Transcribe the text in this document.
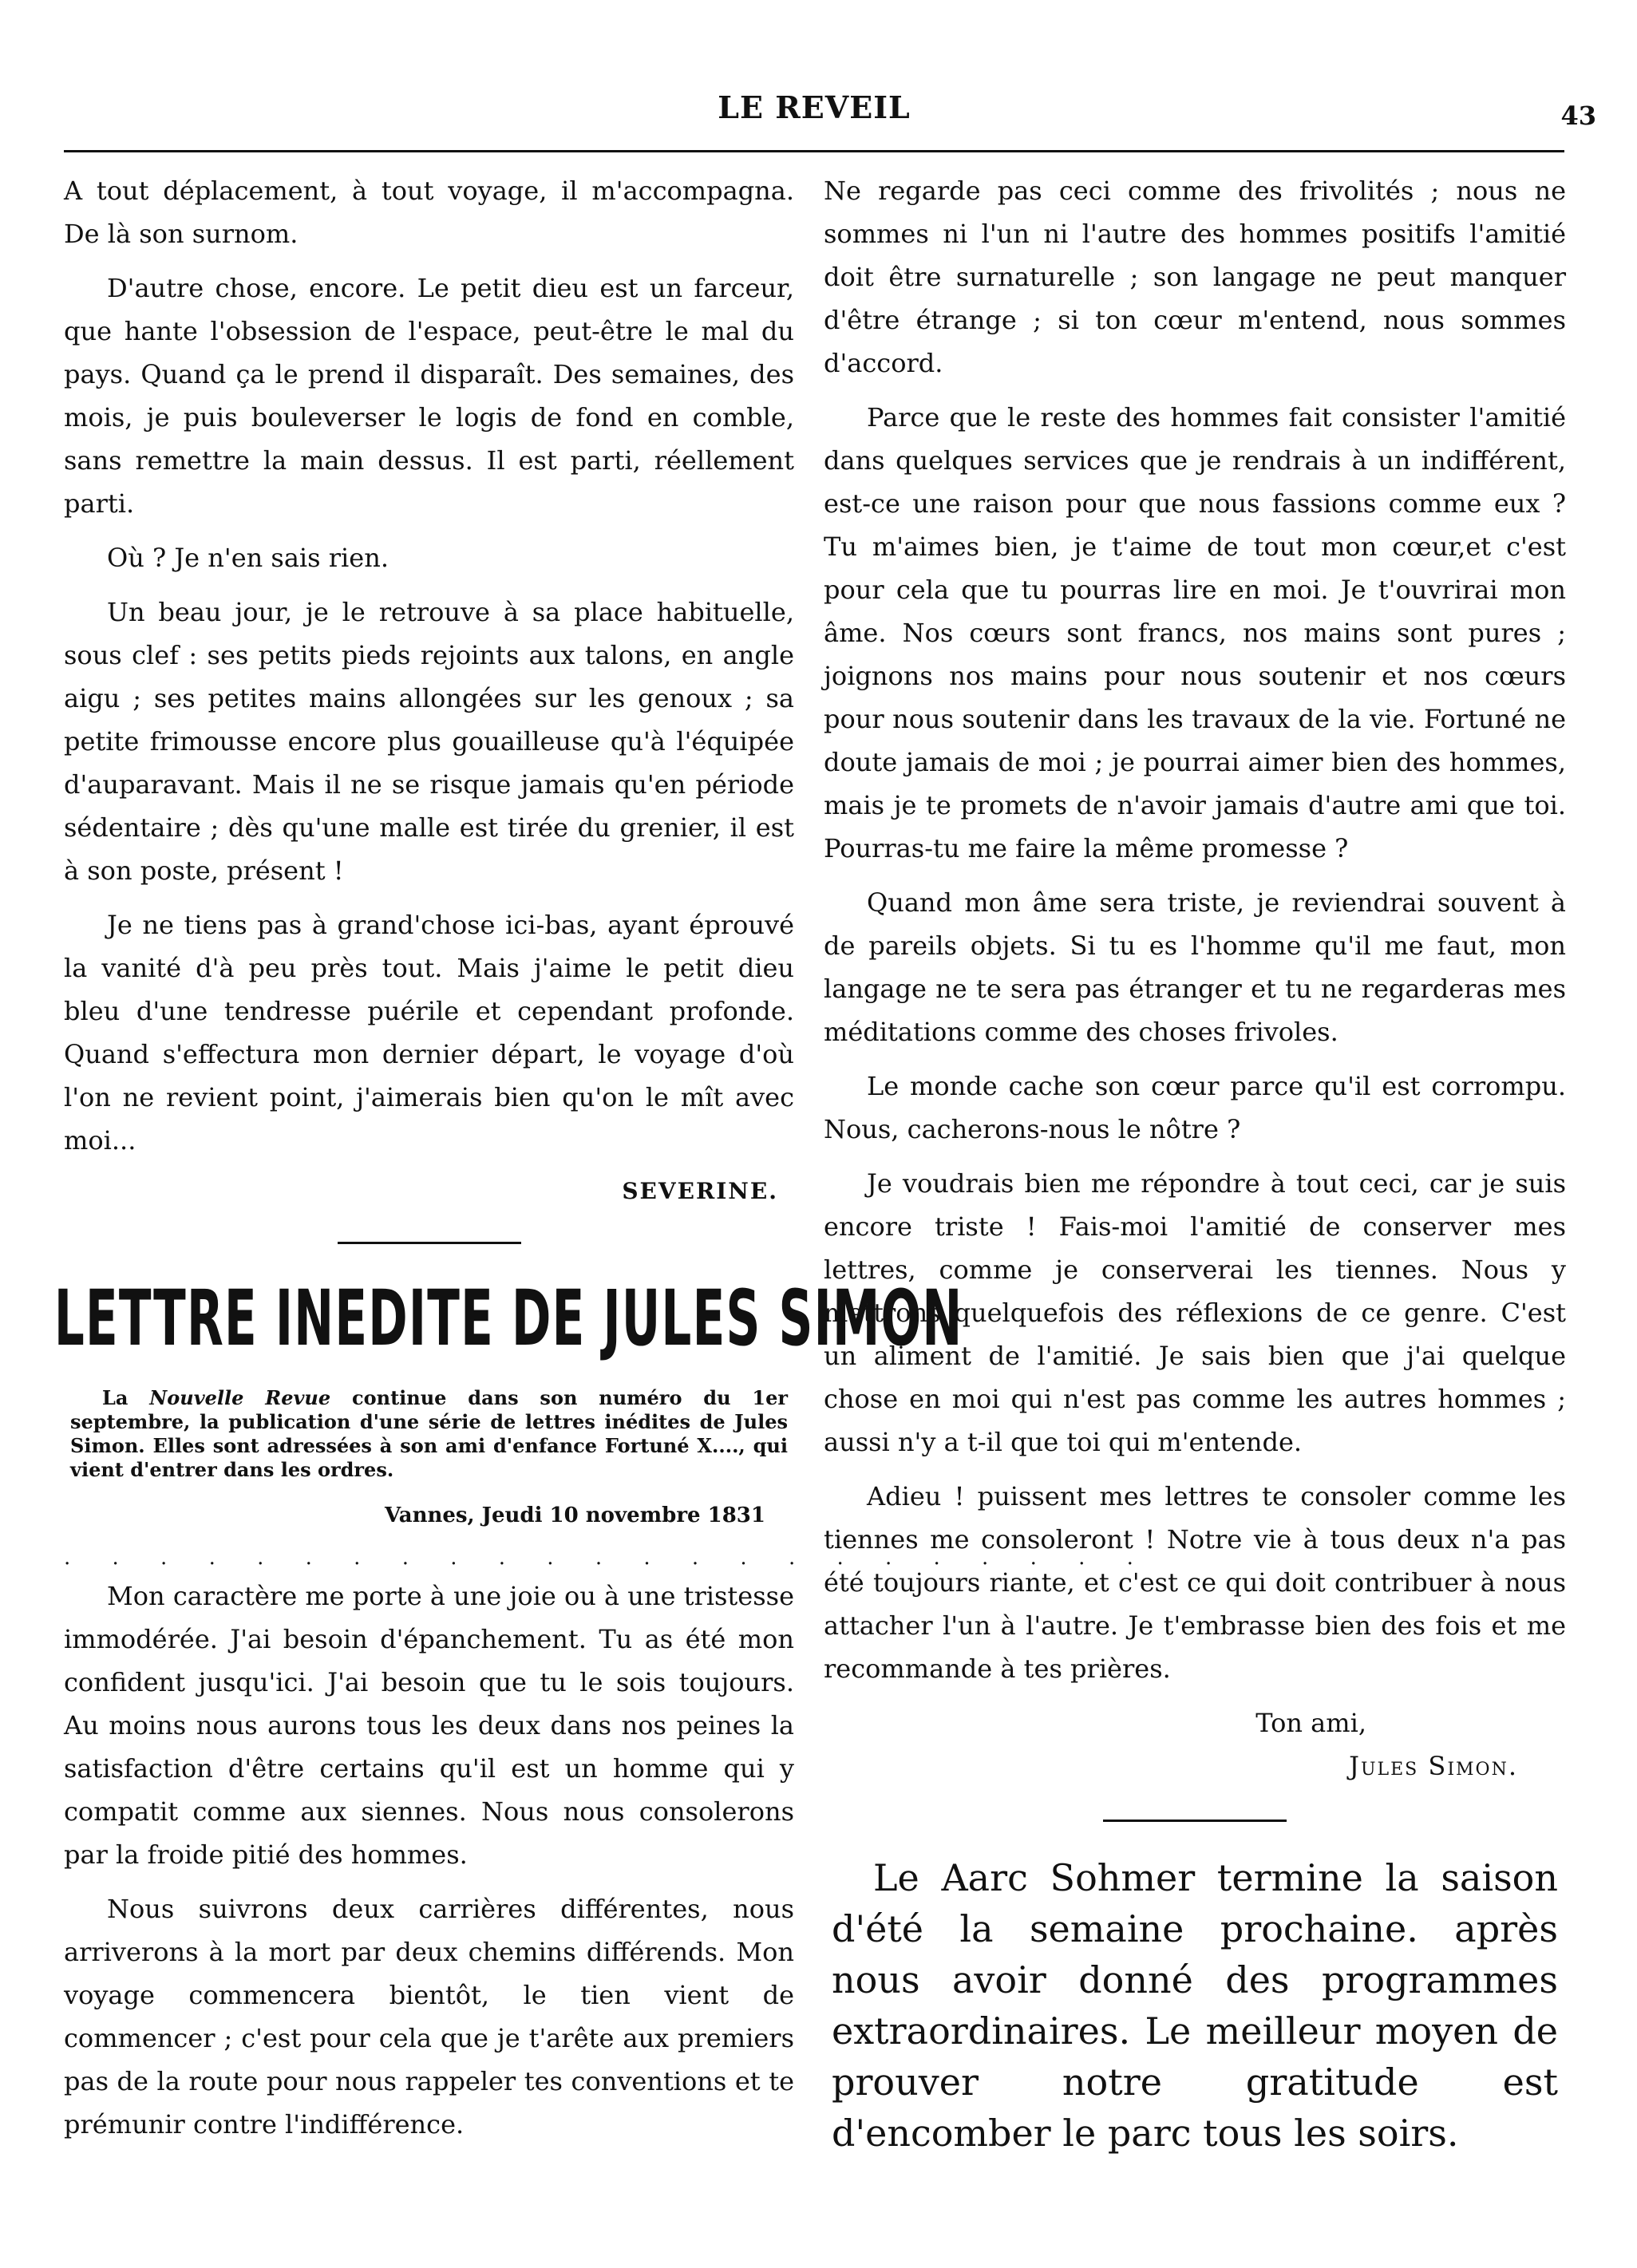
LE REVEIL	43

A tout déplacement, à tout voyage, il m'accompagna. De là son surnom.

D'autre chose, encore. Le petit dieu est un farceur, que hante l'obsession de l'espace, peut-être le mal du pays. Quand ça le prend il disparaît. Des semaines, des mois, je puis bouleverser le logis de fond en comble, sans remettre la main dessus. Il est parti, réellement parti.

Où ? Je n'en sais rien.

Un beau jour, je le retrouve à sa place habituelle, sous clef : ses petits pieds rejoints aux talons, en angle aigu ; ses petites mains allongées sur les genoux ; sa petite frimousse encore plus gouailleuse qu'à l'équipée d'auparavant. Mais il ne se risque jamais qu'en période sédentaire ; dès qu'une malle est tirée du grenier, il est à son poste, présent !

Je ne tiens pas à grand'chose ici-bas, ayant éprouvé la vanité d'à peu près tout. Mais j'aime le petit dieu bleu d'une tendresse puérile et cependant profonde. Quand s'effectura mon dernier départ, le voyage d'où l'on ne revient point, j'aimerais bien qu'on le mît avec moi...

SEVERINE.
LETTRE INEDITE DE JULES SIMON

La Nouvelle Revue continue dans son numéro du 1er septembre, la publication d'une série de lettres inédites de Jules Simon. Elles sont adressées à son ami d'enfance Fortuné X...., qui vient d'entrer dans les ordres.

Vannes, Jeudi 10 novembre 1831
. . . . . . . . . . . . . . . . . . . . . . .

Mon caractère me porte à une joie ou à une tristesse immodérée. J'ai besoin d'épanchement. Tu as été mon confident jusqu'ici. J'ai besoin que tu le sois toujours. Au moins nous aurons tous les deux dans nos peines la satisfaction d'être certains qu'il est un homme qui y compatit comme aux siennes. Nous nous consolerons par la froide pitié des hommes.

Nous suivrons deux carrières différentes, nous arriverons à la mort par deux chemins différends. Mon voyage commencera bientôt, le tien vient de commencer ; c'est pour cela que je t'arête aux premiers pas de la route pour nous rappeler tes conventions et te prémunir contre l'indifférence.

Ne regarde pas ceci comme des frivolités ; nous ne sommes ni l'un ni l'autre des hommes positifs l'amitié doit être surnaturelle ; son langage ne peut manquer d'être étrange ; si ton cœur m'entend, nous sommes d'accord.

Parce que le reste des hommes fait consister l'amitié dans quelques services que je rendrais à un indifférent, est-ce une raison pour que nous fassions comme eux ? Tu m'aimes bien, je t'aime de tout mon cœur,et c'est pour cela que tu pourras lire en moi. Je t'ouvrirai mon âme. Nos cœurs sont francs, nos mains sont pures ; joignons nos mains pour nous soutenir et nos cœurs pour nous soutenir dans les travaux de la vie. Fortuné ne doute jamais de moi ; je pourrai aimer bien des hommes, mais je te promets de n'avoir jamais d'autre ami que toi. Pourras-tu me faire la même promesse ?

Quand mon âme sera triste, je reviendrai souvent à de pareils objets. Si tu es l'homme qu'il me faut, mon langage ne te sera pas étranger et tu ne regarderas mes méditations comme des choses frivoles.

Le monde cache son cœur parce qu'il est corrompu. Nous, cacherons-nous le nôtre ?

Je voudrais bien me répondre à tout ceci, car je suis encore triste ! Fais-moi l'amitié de conserver mes lettres, comme je conserverai les tiennes. Nous y mettrons quelquefois des réflexions de ce genre. C'est un aliment de l'amitié. Je sais bien que j'ai quelque chose en moi qui n'est pas comme les autres hommes ; aussi n'y a t-il que toi qui m'entende.

Adieu ! puissent mes lettres te consoler comme les tiennes me consoleront ! Notre vie à tous deux n'a pas été toujours riante, et c'est ce qui doit contribuer à nous attacher l'un à l'autre. Je t'embrasse bien des fois et me recommande à tes prières.

Ton ami,

Jules Simon.

Le Aarc Sohmer termine la saison d'été la semaine prochaine. après nous avoir donné des programmes extraordinaires. Le meilleur moyen de prouver notre gratitude est d'encomber le parc tous les soirs.
